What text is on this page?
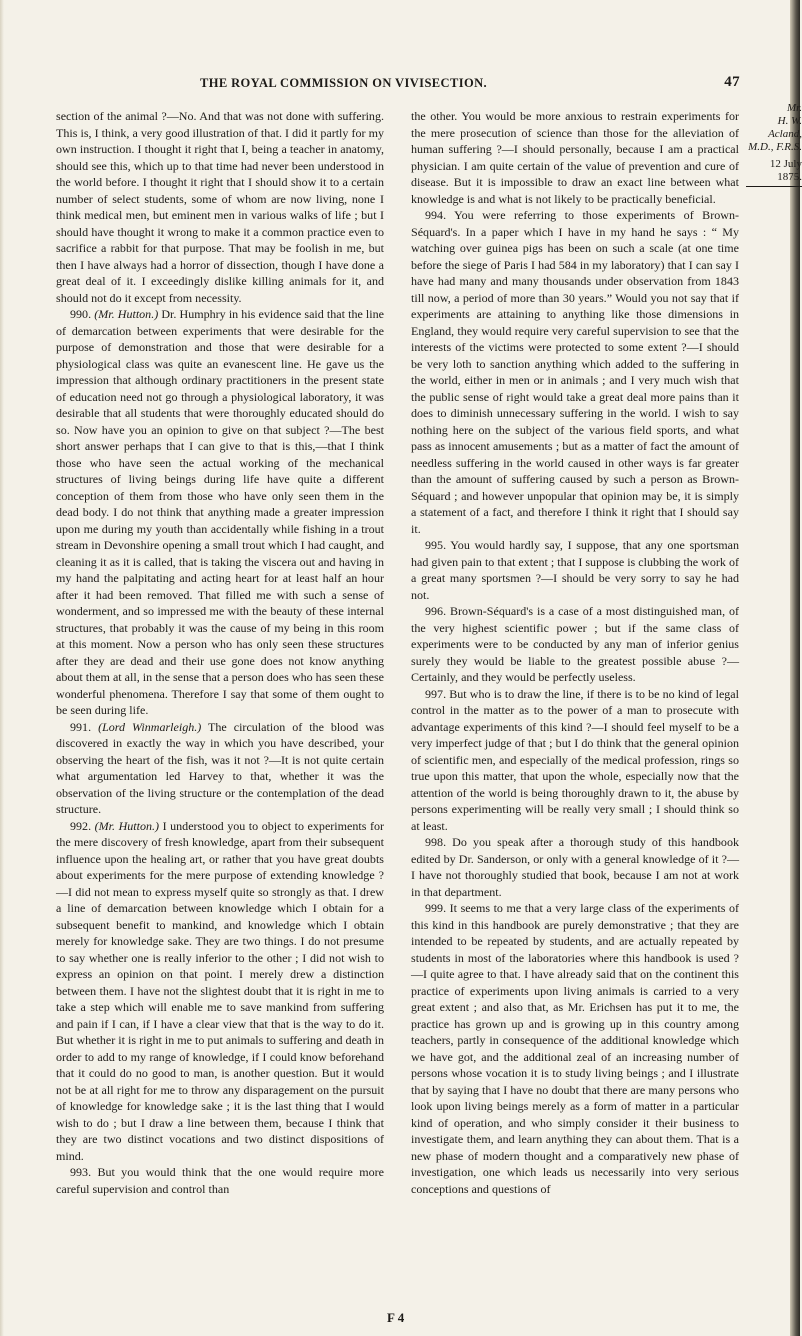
THE ROYAL COMMISSION ON VIVISECTION.	47

section of the animal ?—No. And that was not done with suffering. This is, I think, a very good illustration of that. I did it partly for my own instruction. I thought it right that I, being a teacher in anatomy, should see this, which up to that time had never been understood in the world before. I thought it right that I should show it to a certain number of select students, some of whom are now living, none I think medical men, but eminent men in various walks of life ; but I should have thought it wrong to make it a common practice even to sacrifice a rabbit for that purpose. That may be foolish in me, but then I have always had a horror of dissection, though I have done a great deal of it. I exceedingly dislike killing animals for it, and should not do it except from necessity.

990. (Mr. Hutton.) Dr. Humphry in his evidence said that the line of demarcation between experiments that were desirable for the purpose of demonstration and those that were desirable for a physiological class was quite an evanescent line. He gave us the impression that although ordinary practitioners in the present state of education need not go through a physiological laboratory, it was desirable that all students that were thoroughly educated should do so. Now have you an opinion to give on that subject ?—The best short answer perhaps that I can give to that is this,—that I think those who have seen the actual working of the mechanical structures of living beings during life have quite a different conception of them from those who have only seen them in the dead body. I do not think that anything made a greater impression upon me during my youth than accidentally while fishing in a trout stream in Devonshire opening a small trout which I had caught, and cleaning it as it is called, that is taking the viscera out and having in my hand the palpitating and acting heart for at least half an hour after it had been removed. That filled me with such a sense of wonderment, and so impressed me with the beauty of these internal structures, that probably it was the cause of my being in this room at this moment. Now a person who has only seen these structures after they are dead and their use gone does not know anything about them at all, in the sense that a person does who has seen these wonderful phenomena. Therefore I say that some of them ought to be seen during life.

991. (Lord Winmarleigh.) The circulation of the blood was discovered in exactly the way in which you have described, your observing the heart of the fish, was it not ?—It is not quite certain what argumentation led Harvey to that, whether it was the observation of the living structure or the contemplation of the dead structure.

992. (Mr. Hutton.) I understood you to object to experiments for the mere discovery of fresh knowledge, apart from their subsequent influence upon the healing art, or rather that you have great doubts about experiments for the mere purpose of extending knowledge ?—I did not mean to express myself quite so strongly as that. I drew a line of demarcation between knowledge which I obtain for a subsequent benefit to mankind, and knowledge which I obtain merely for knowledge sake. They are two things. I do not presume to say whether one is really inferior to the other ; I did not wish to express an opinion on that point. I merely drew a distinction between them. I have not the slightest doubt that it is right in me to take a step which will enable me to save mankind from suffering and pain if I can, if I have a clear view that that is the way to do it. But whether it is right in me to put animals to suffering and death in order to add to my range of knowledge, if I could know beforehand that it could do no good to man, is another question. But it would not be at all right for me to throw any disparagement on the pursuit of knowledge for knowledge sake ; it is the last thing that I would wish to do ; but I draw a line between them, because I think that they are two distinct vocations and two distinct dispositions of mind.

993. But you would think that the one would require more careful supervision and control than

the other. You would be more anxious to restrain experiments for the mere prosecution of science than those for the alleviation of human suffering ?—I should personally, because I am a practical physician. I am quite certain of the value of prevention and cure of disease. But it is impossible to draw an exact line between what knowledge is and what is not likely to be practically beneficial.

994. You were referring to those experiments of Brown-Séquard's. In a paper which I have in my hand he says : “ My watching over guinea pigs has been on such a scale (at one time before the siege of Paris I had 584 in my laboratory) that I can say I have had many and many thousands under observation from 1843 till now, a period of more than 30 years.” Would you not say that if experiments are attaining to anything like those dimensions in England, they would require very careful supervision to see that the interests of the victims were protected to some extent ?—I should be very loth to sanction anything which added to the suffering in the world, either in men or in animals ; and I very much wish that the public sense of right would take a great deal more pains than it does to diminish unnecessary suffering in the world. I wish to say nothing here on the subject of the various field sports, and what pass as innocent amusements ; but as a matter of fact the amount of needless suffering in the world caused in other ways is far greater than the amount of suffering caused by such a person as Brown-Séquard ; and however unpopular that opinion may be, it is simply a statement of a fact, and therefore I think it right that I should say it.

995. You would hardly say, I suppose, that any one sportsman had given pain to that extent ; that I suppose is clubbing the work of a great many sportsmen ?—I should be very sorry to say he had not.

996. Brown-Séquard's is a case of a most distinguished man, of the very highest scientific power ; but if the same class of experiments were to be conducted by any man of inferior genius surely they would be liable to the greatest possible abuse ?—Certainly, and they would be perfectly useless.

997. But who is to draw the line, if there is to be no kind of legal control in the matter as to the power of a man to prosecute with advantage experiments of this kind ?—I should feel myself to be a very imperfect judge of that ; but I do think that the general opinion of scientific men, and especially of the medical profession, rings so true upon this matter, that upon the whole, especially now that the attention of the world is being thoroughly drawn to it, the abuse by persons experimenting will be really very small ; I should think so at least.

998. Do you speak after a thorough study of this handbook edited by Dr. Sanderson, or only with a general knowledge of it ?—I have not thoroughly studied that book, because I am not at work in that department.

999. It seems to me that a very large class of the experiments of this kind in this handbook are purely demonstrative ; that they are intended to be repeated by students, and are actually repeated by students in most of the laboratories where this handbook is used ?—I quite agree to that. I have already said that on the continent this practice of experiments upon living animals is carried to a very great extent ; and also that, as Mr. Erichsen has put it to me, the practice has grown up and is growing up in this country among teachers, partly in consequence of the additional knowledge which we have got, and the additional zeal of an increasing number of persons whose vocation it is to study living beings ; and I illustrate that by saying that I have no doubt that there are many persons who look upon living beings merely as a form of matter in a particular kind of operation, and who simply consider it their business to investigate them, and learn anything they can about them. That is a new phase of modern thought and a comparatively new phase of investigation, one which leads us necessarily into very serious conceptions and questions of

Mr.
H. W. Acland,
M.D., F.R.S.
12 July 1875.
F 4
